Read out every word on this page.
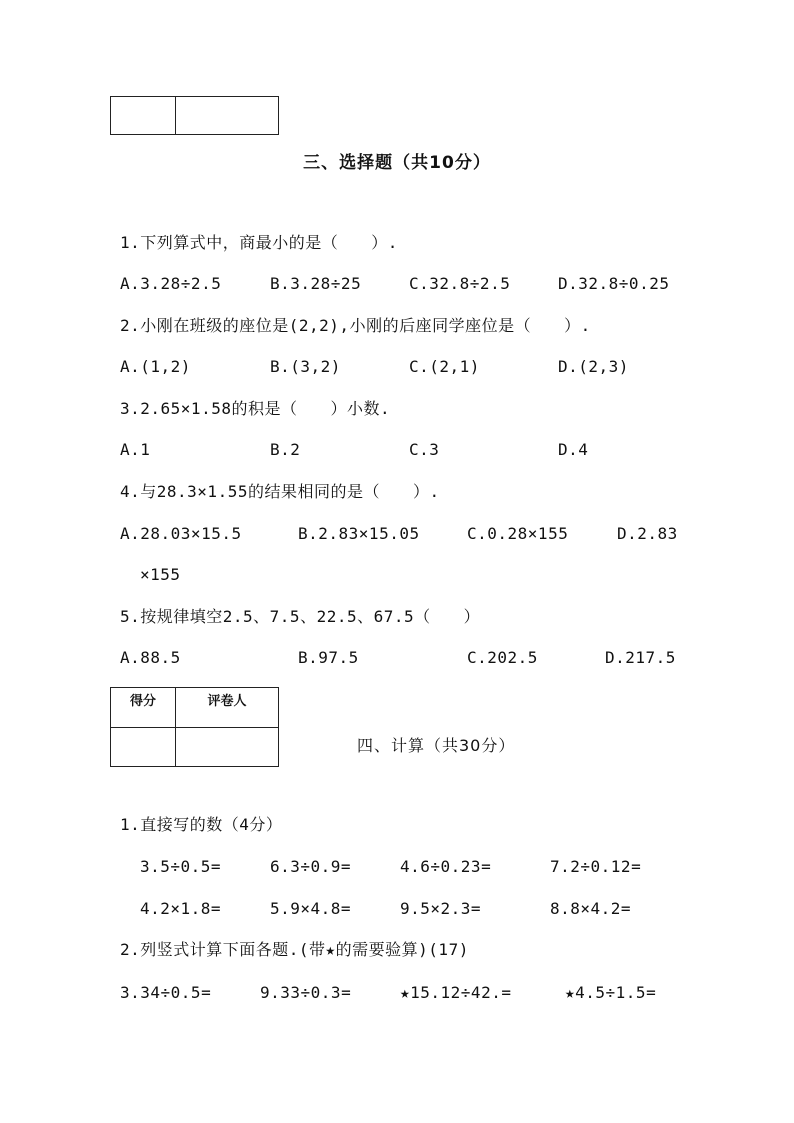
三、选择题（共10分）
1.下列算式中，商最小的是（　　）.
A.3.28÷2.5	B.3.28÷25	C.32.8÷2.5	D.32.8÷0.25
2.小刚在班级的座位是(2,2),小刚的后座同学座位是（　　）.
A.(1,2)	B.(3,2)	C.(2,1)	D.(2,3)
3.2.65×1.58的积是（　　）小数.
A.1	B.2	C.3	D.4
4.与28.3×1.55的结果相同的是（　　）.
A.28.03×15.5	B.2.83×15.05	C.0.28×155	D.2.83
×155
5.按规律填空2.5、7.5、22.5、67.5（　　）
A.88.5	B.97.5	C.202.5	D.217.5
得分	评卷人

四、计算（共30分）
1.直接写的数（4分）
3.5÷0.5=	6.3÷0.9=	4.6÷0.23=	7.2÷0.12=
4.2×1.8=	5.9×4.8=	9.5×2.3=	8.8×4.2=
2.列竖式计算下面各题.(带★的需要验算)(17)
3.34÷0.5=	9.33÷0.3=	★15.12÷42.=	★4.5÷1.5=
